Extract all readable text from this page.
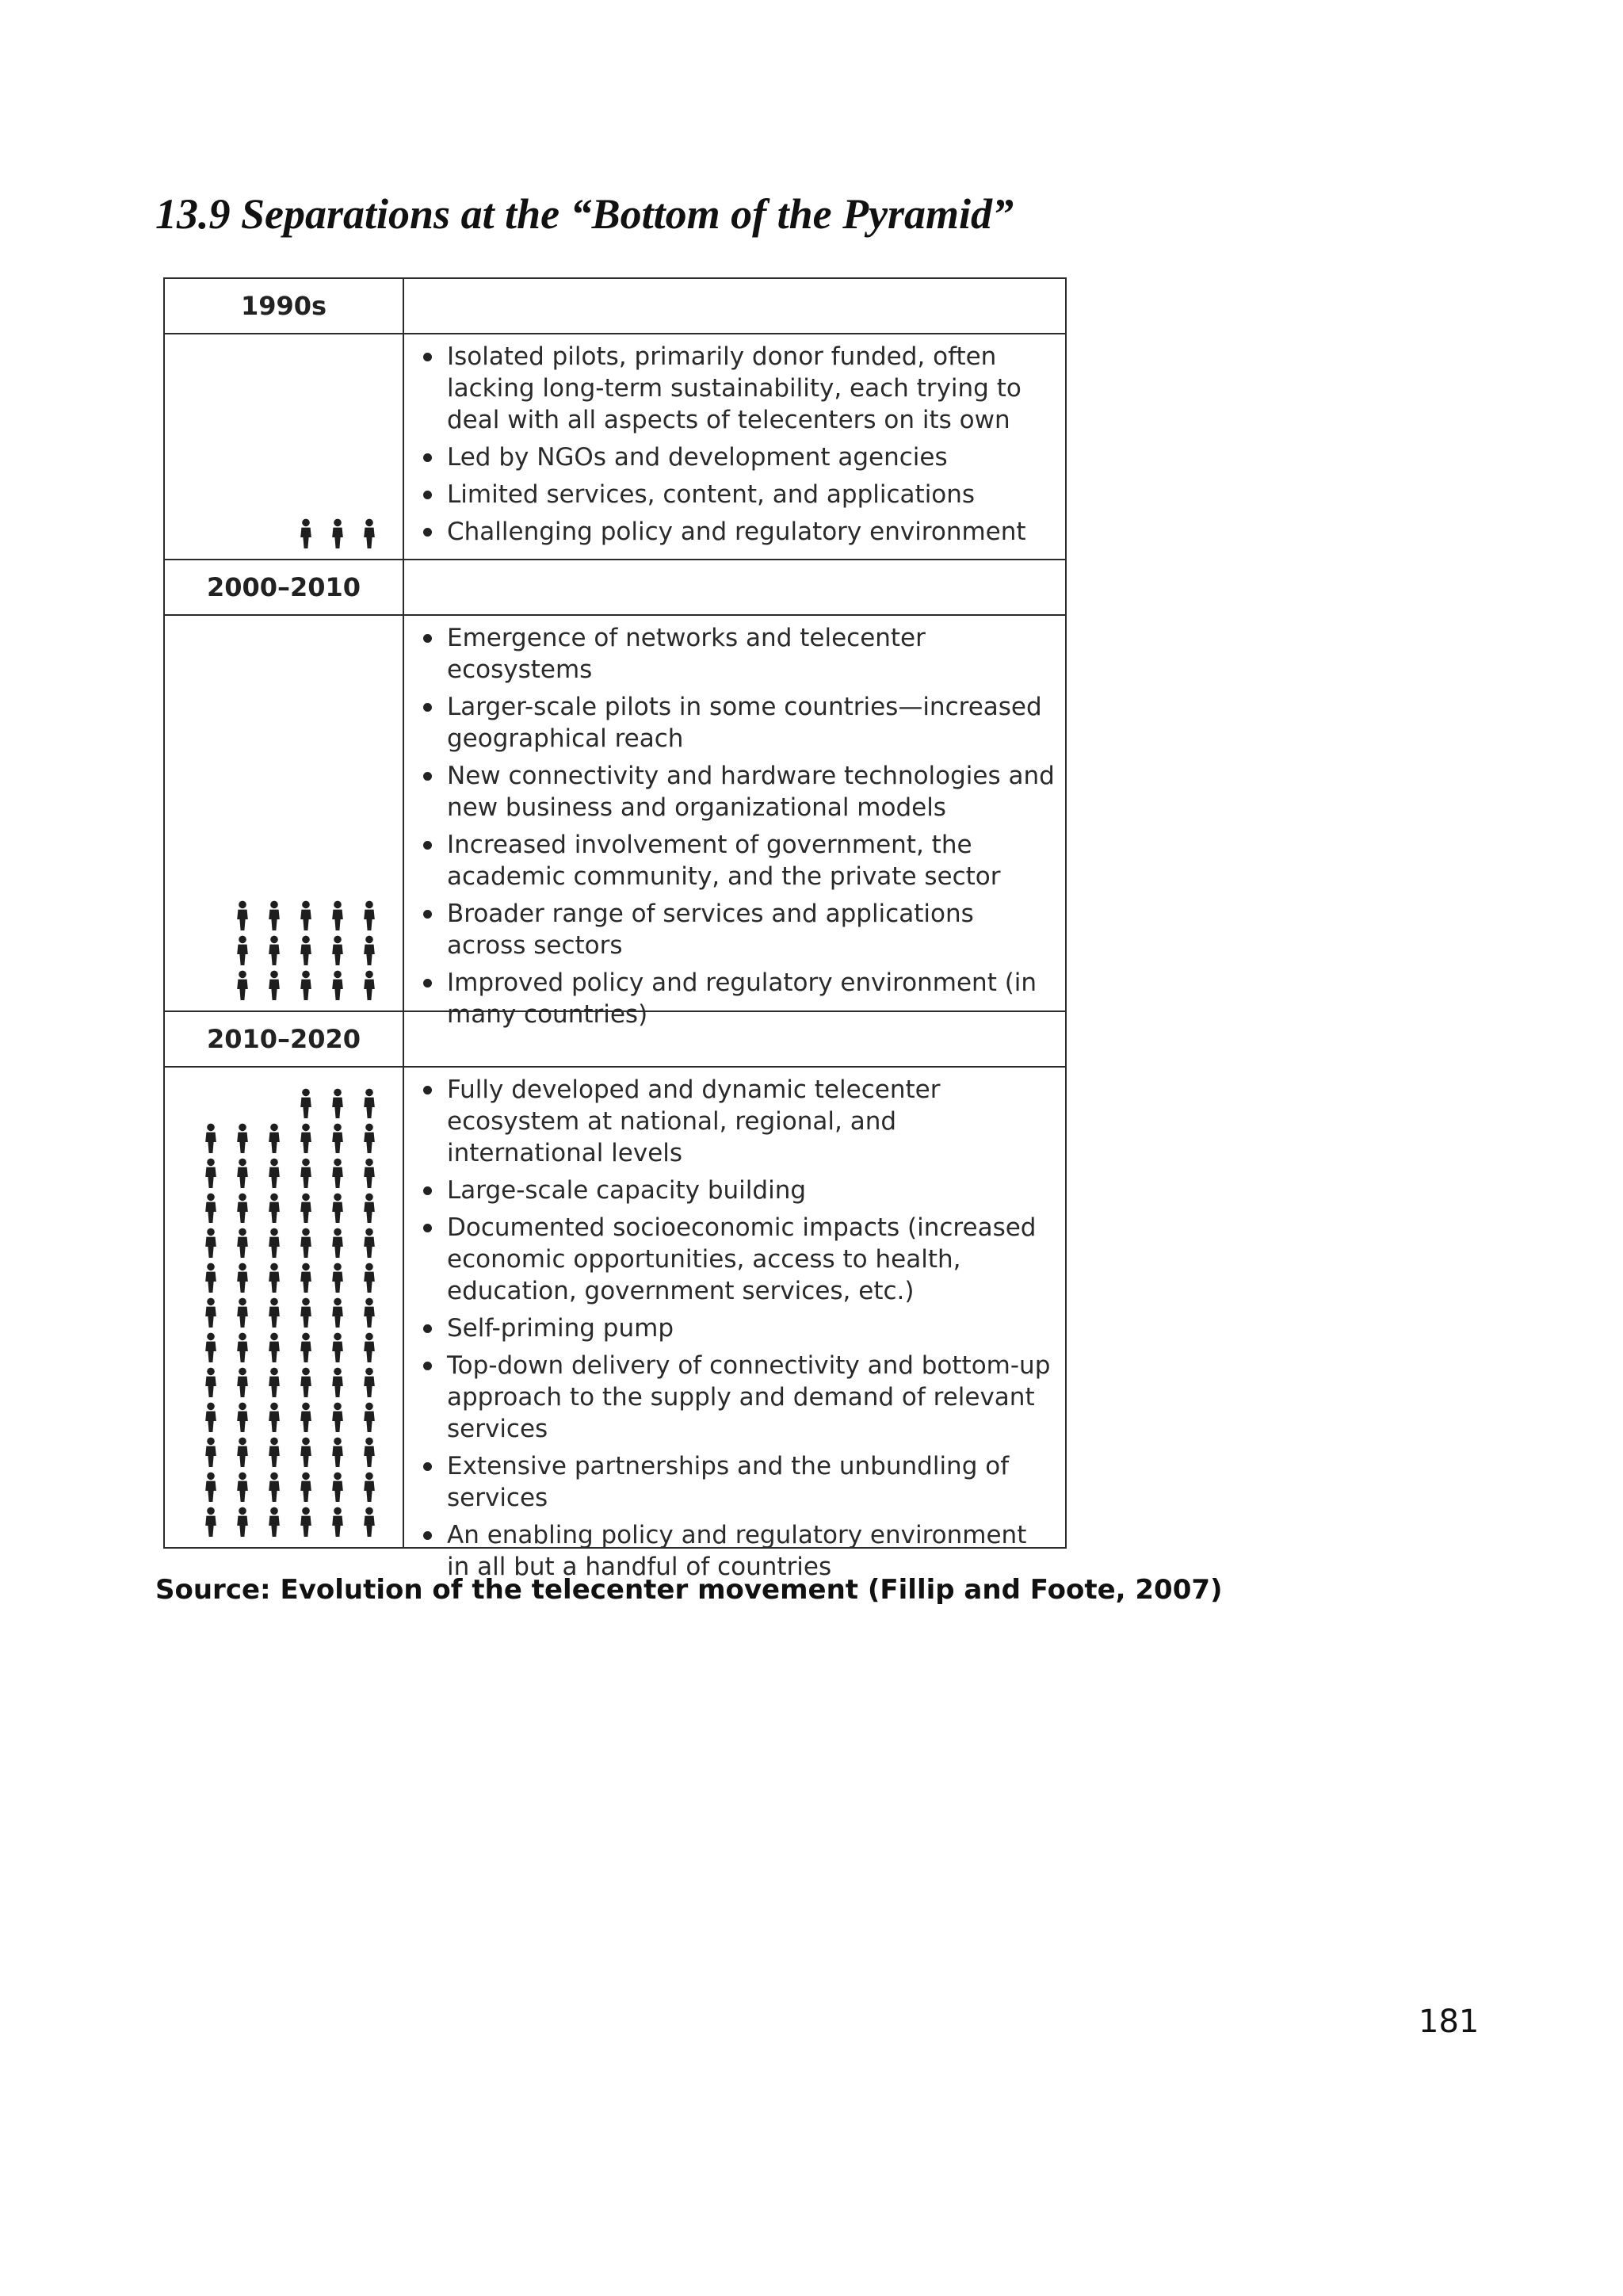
13.9 Separations at the “Bottom of the Pyramid”
1990s
Isolated pilots, primarily donor funded, often lacking long-term sustainability, each trying to deal with all aspects of telecenters on its own
Led by NGOs and development agencies
Limited services, content, and applications
Challenging policy and regulatory environment
2000–2010
Emergence of networks and telecenter ecosystems
Larger-scale pilots in some countries—increased geographical reach
New connectivity and hardware technologies and new business and organizational models
Increased involvement of government, the academic community, and the private sector
Broader range of services and applications across sectors
Improved policy and regulatory environment (in many countries)
2010–2020
Fully developed and dynamic telecenter ecosystem at national, regional, and international levels
Large-scale capacity building
Documented socioeconomic impacts (increased economic opportunities, access to health, education, government services, etc.)
Self-priming pump
Top-down delivery of connectivity and bottom-up approach to the supply and demand of relevant services
Extensive partnerships and the unbundling of services
An enabling policy and regulatory environment in all but a handful of countries
Source: Evolution of the telecenter movement (Fillip and Foote, 2007)
181
